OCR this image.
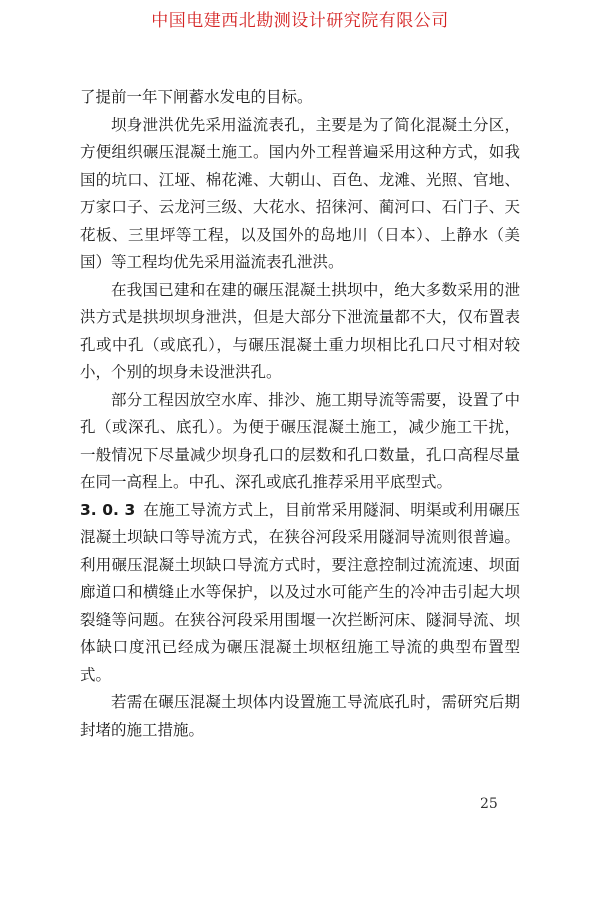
中国电建西北勘测设计研究院有限公司

了提前一年下闸蓄水发电的目标。

坝身泄洪优先采用溢流表孔，主要是为了简化混凝土分区，方便组织碾压混凝土施工。国内外工程普遍采用这种方式，如我国的坑口、江垭、棉花滩、大朝山、百色、龙滩、光照、官地、万家口子、云龙河三级、大花水、招徕河、蔺河口、石门子、天花板、三里坪等工程，以及国外的岛地川（日本）、上静水（美国）等工程均优先采用溢流表孔泄洪。

在我国已建和在建的碾压混凝土拱坝中，绝大多数采用的泄洪方式是拱坝坝身泄洪，但是大部分下泄流量都不大，仅布置表孔或中孔（或底孔），与碾压混凝土重力坝相比孔口尺寸相对较小，个别的坝身未设泄洪孔。

部分工程因放空水库、排沙、施工期导流等需要，设置了中孔（或深孔、底孔）。为便于碾压混凝土施工，减少施工干扰，一般情况下尽量减少坝身孔口的层数和孔口数量，孔口高程尽量在同一高程上。中孔、深孔或底孔推荐采用平底型式。

3. 0. 3 在施工导流方式上，目前常采用隧洞、明渠或利用碾压混凝土坝缺口等导流方式，在狭谷河段采用隧洞导流则很普遍。利用碾压混凝土坝缺口导流方式时，要注意控制过流流速、坝面廊道口和横缝止水等保护，以及过水可能产生的冷冲击引起大坝裂缝等问题。在狭谷河段采用围堰一次拦断河床、隧洞导流、坝体缺口度汛已经成为碾压混凝土坝枢纽施工导流的典型布置型式。

若需在碾压混凝土坝体内设置施工导流底孔时，需研究后期封堵的施工措施。

25
